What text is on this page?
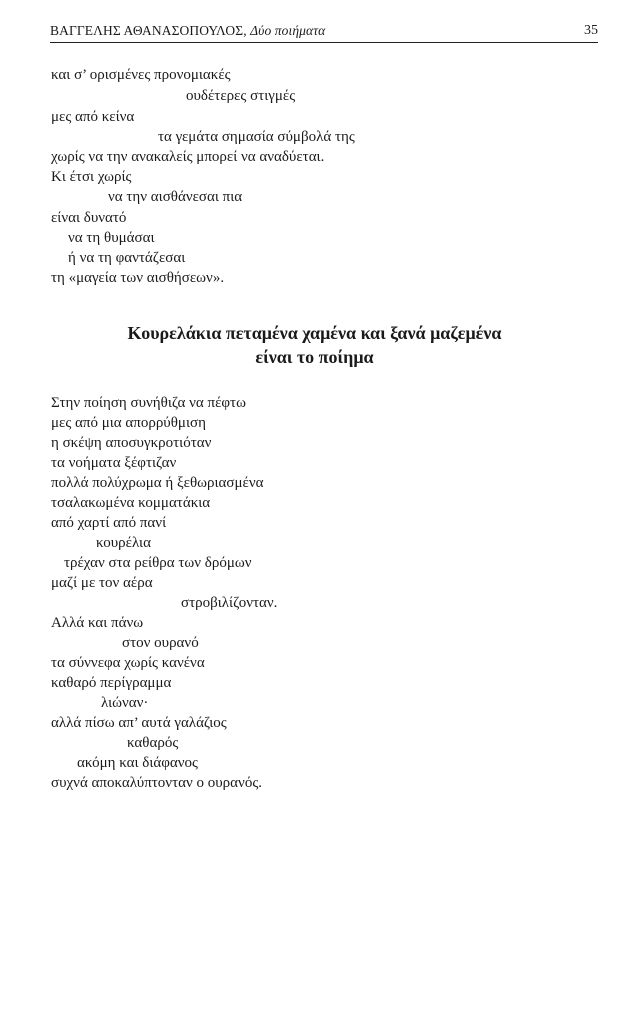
ΒΑΓΓΕΛΗΣ ΑΘΑΝΑΣΟΠΟΥΛΟΣ, Δύο ποιήματα	35
και σ’ ορισμένες προνομιακές
ουδέτερες στιγμές
μες από κείνα
τα γεμάτα σημασία σύμβολά της
χωρίς να την ανακαλείς μπορεί να αναδύεται.
Κι έτσι χωρίς
να την αισθάνεσαι πια
είναι δυνατό
να τη θυμάσαι
ή να τη φαντάζεσαι
τη «μαγεία των αισθήσεων».
Κουρελάκια πεταμένα χαμένα και ξανά μαζεμένα
είναι το ποίημα
Στην ποίηση συνήθιζα να πέφτω
μες από μια απορρύθμιση
η σκέψη αποσυγκροτιόταν
τα νοήματα ξέφτιζαν
πολλά πολύχρωμα ή ξεθωριασμένα
τσαλακωμένα κομματάκια
από χαρτί από πανί
κουρέλια
τρέχαν στα ρείθρα των δρόμων
μαζί με τον αέρα
στροβιλίζονταν.
Αλλά και πάνω
στον ουρανό
τα σύννεφα χωρίς κανένα
καθαρό περίγραμμα
λιώναν·
αλλά πίσω απ’ αυτά γαλάζιος
καθαρός
ακόμη και διάφανος
συχνά αποκαλύπτονταν ο ουρανός.
